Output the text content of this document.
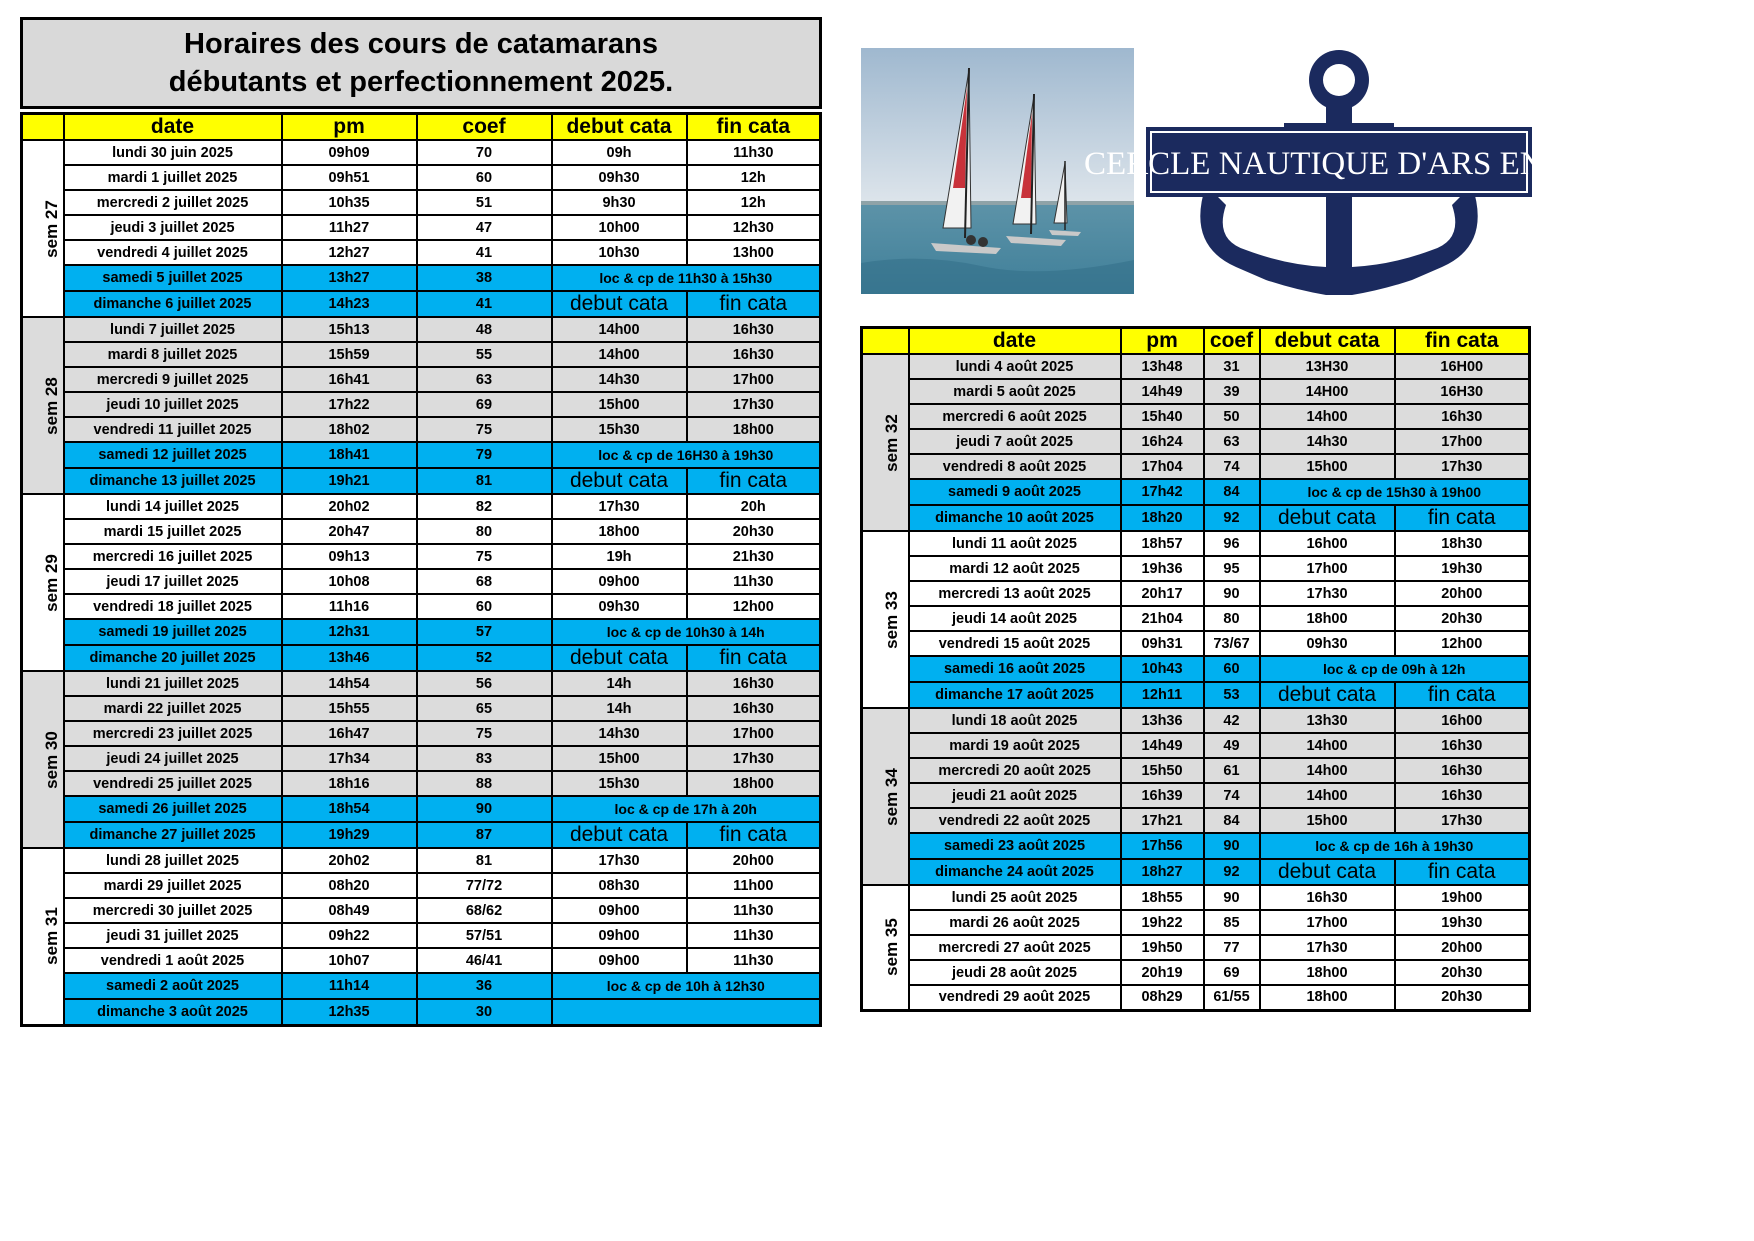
Horaires des cours de catamarans
débutants et perfectionnement 2025.
	date	pm	coef	debut cata	fin cata
sem 27	lundi 30 juin 2025	09h09	70	09h	11h30
	mardi 1 juillet 2025	09h51	60	09h30	12h
	mercredi 2 juillet 2025	10h35	51	9h30	12h
	jeudi 3 juillet 2025	11h27	47	10h00	12h30
	vendredi 4 juillet 2025	12h27	41	10h30	13h00
	samedi 5 juillet 2025	13h27	38	loc & cp de 11h30 à 15h30	
	dimanche 6 juillet 2025	14h23	41	debut cata	fin cata
sem 28	lundi 7 juillet 2025	15h13	48	14h00	16h30
	mardi 8 juillet 2025	15h59	55	14h00	16h30
	mercredi 9 juillet 2025	16h41	63	14h30	17h00
	jeudi 10 juillet 2025	17h22	69	15h00	17h30
	vendredi 11 juillet 2025	18h02	75	15h30	18h00
	samedi 12 juillet 2025	18h41	79	loc & cp de 16H30 à 19h30	
	dimanche 13 juillet 2025	19h21	81	debut cata	fin cata
sem 29	lundi 14 juillet 2025	20h02	82	17h30	20h
	mardi 15 juillet 2025	20h47	80	18h00	20h30
	mercredi 16 juillet 2025	09h13	75	19h	21h30
	jeudi 17 juillet 2025	10h08	68	09h00	11h30
	vendredi 18 juillet 2025	11h16	60	09h30	12h00
	samedi 19 juillet 2025	12h31	57	loc & cp de 10h30 à 14h	
	dimanche 20 juillet 2025	13h46	52	debut cata	fin cata
sem 30	lundi 21 juillet 2025	14h54	56	14h	16h30
	mardi 22 juillet 2025	15h55	65	14h	16h30
	mercredi 23 juillet 2025	16h47	75	14h30	17h00
	jeudi 24 juillet 2025	17h34	83	15h00	17h30
	vendredi 25 juillet 2025	18h16	88	15h30	18h00
	samedi 26 juillet 2025	18h54	90	loc & cp de 17h à 20h	
	dimanche 27 juillet 2025	19h29	87	debut cata	fin cata
sem 31	lundi 28 juillet 2025	20h02	81	17h30	20h00
	mardi 29 juillet 2025	08h20	77/72	08h30	11h00
	mercredi 30 juillet 2025	08h49	68/62	09h00	11h30
	jeudi 31 juillet 2025	09h22	57/51	09h00	11h30
	vendredi 1 août 2025	10h07	46/41	09h00	11h30
	samedi 2 août 2025	11h14	36	loc & cp de 10h à 12h30	
	dimanche 3 août 2025	12h35	30		
CERCLE NAUTIQUE D'ARS EN RE
	date	pm	coef	debut cata	fin cata
sem 32	lundi 4 août 2025	13h48	31	13H30	16H00
	mardi 5 août 2025	14h49	39	14H00	16H30
	mercredi 6 août 2025	15h40	50	14h00	16h30
	jeudi 7 août 2025	16h24	63	14h30	17h00
	vendredi 8 août 2025	17h04	74	15h00	17h30
	samedi 9 août 2025	17h42	84	loc & cp de 15h30 à 19h00	
	dimanche 10 août 2025	18h20	92	debut cata	fin cata
sem 33	lundi 11 août 2025	18h57	96	16h00	18h30
	mardi 12 août 2025	19h36	95	17h00	19h30
	mercredi 13 août 2025	20h17	90	17h30	20h00
	jeudi 14 août 2025	21h04	80	18h00	20h30
	vendredi 15 août 2025	09h31	73/67	09h30	12h00
	samedi 16 août 2025	10h43	60	loc & cp de 09h à 12h	
	dimanche 17 août 2025	12h11	53	debut cata	fin cata
sem 34	lundi 18 août 2025	13h36	42	13h30	16h00
	mardi 19 août 2025	14h49	49	14h00	16h30
	mercredi 20 août 2025	15h50	61	14h00	16h30
	jeudi 21 août 2025	16h39	74	14h00	16h30
	vendredi 22 août 2025	17h21	84	15h00	17h30
	samedi 23 août 2025	17h56	90	loc & cp de 16h à 19h30	
	dimanche 24 août 2025	18h27	92	debut cata	fin cata
sem 35	lundi 25 août 2025	18h55	90	16h30	19h00
	mardi 26 août 2025	19h22	85	17h00	19h30
	mercredi 27 août 2025	19h50	77	17h30	20h00
	jeudi 28 août 2025	20h19	69	18h00	20h30
	vendredi 29 août 2025	08h29	61/55	18h00	20h30
